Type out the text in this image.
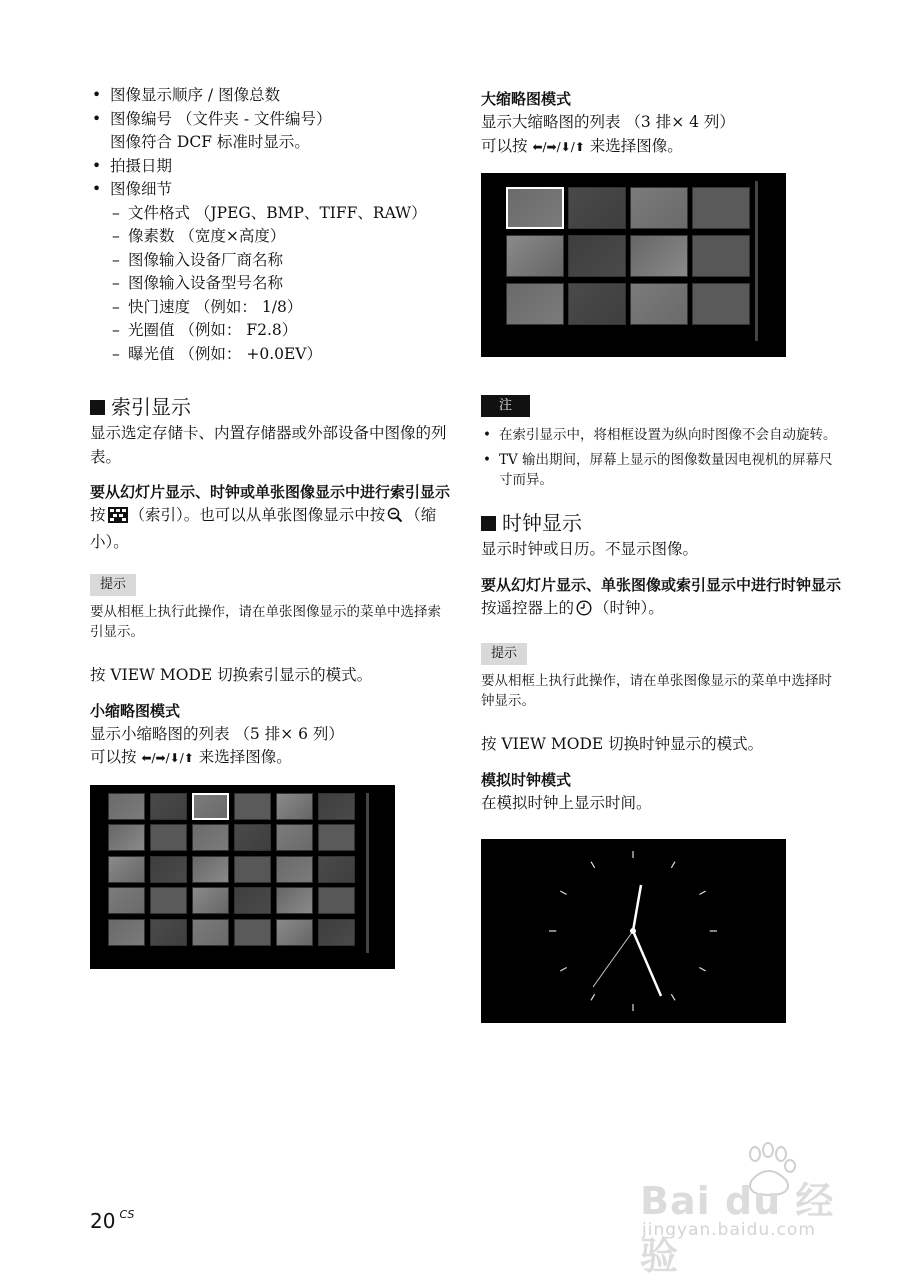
• 图像显示顺序 / 图像总数
• 图像编号 （文件夹 - 文件编号）
图像符合 DCF 标准时显示。
• 拍摄日期
• 图像细节
– 文件格式 （JPEG、BMP、TIFF、RAW）
– 像素数 （宽度×高度）
– 图像输入设备厂商名称
– 图像输入设备型号名称
– 快门速度 （例如： 1/8）
– 光圈值 （例如： F2.8）
– 曝光值 （例如： +0.0EV）
索引显示

显示选定存储卡、内置存储器或外部设备中图像的列表。

要从幻灯片显示、时钟或单张图像显示中进行索引显示

按 （索引）。也可以从单张图像显示中按 （缩小）。

提示

要从相框上执行此操作，请在单张图像显示的菜单中选择索引显示。

按 VIEW MODE 切换索引显示的模式。

小缩略图模式

显示小缩略图的列表 （5 排× 6 列）

可以按 ⬅/➡/⬇/⬆ 来选择图像。

大缩略图模式

显示大缩略图的列表 （3 排× 4 列）

可以按 ⬅/➡/⬇/⬆ 来选择图像。

注
• 在索引显示中，将相框设置为纵向时图像不会自动旋转。
• TV 输出期间，屏幕上显示的图像数量因电视机的屏幕尺寸而异。
时钟显示

显示时钟或日历。不显示图像。

要从幻灯片显示、单张图像或索引显示中进行时钟显示

按遥控器上的 （时钟）。

提示

要从相框上执行此操作，请在单张图像显示的菜单中选择时钟显示。

按 VIEW MODE 切换时钟显示的模式。

模拟时钟模式

在模拟时钟上显示时间。

20 $^{CS}$	Bai du 经验
jingyan.baidu.com
